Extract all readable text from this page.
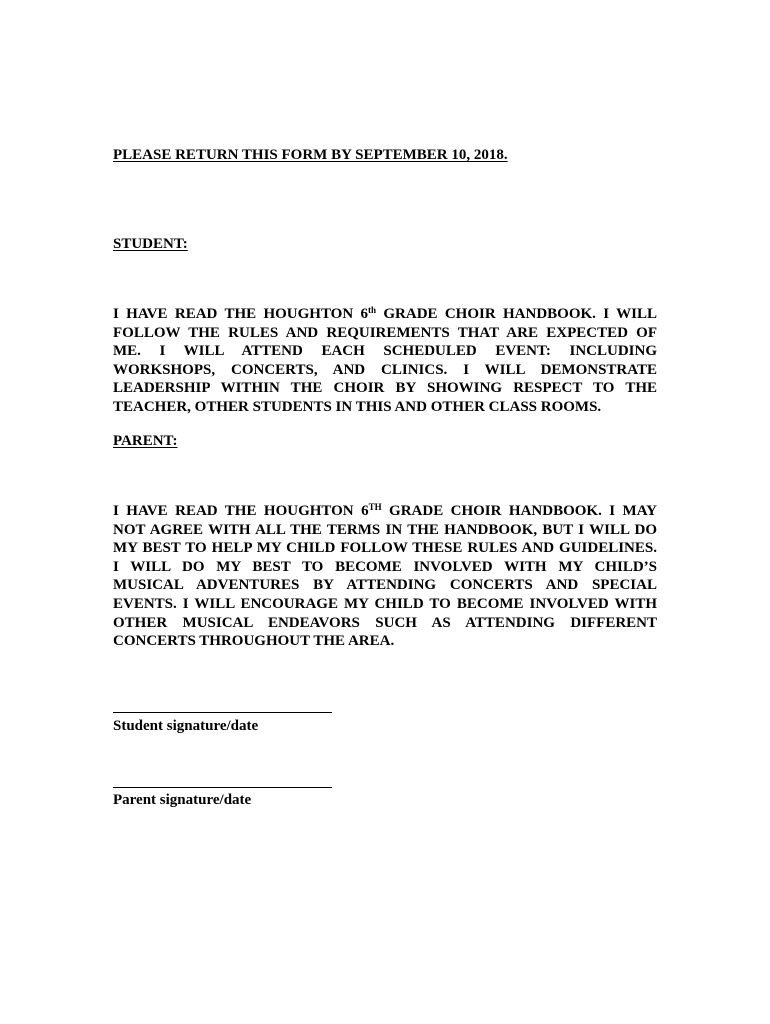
PLEASE RETURN THIS FORM BY SEPTEMBER 10, 2018.

STUDENT:

I HAVE READ THE HOUGHTON 6th GRADE CHOIR HANDBOOK. I WILL
FOLLOW THE RULES AND REQUIREMENTS THAT ARE EXPECTED OF
ME. I WILL ATTEND EACH SCHEDULED EVENT: INCLUDING
WORKSHOPS, CONCERTS, AND CLINICS. I WILL DEMONSTRATE
LEADERSHIP WITHIN THE CHOIR BY SHOWING RESPECT TO THE
TEACHER, OTHER STUDENTS IN THIS AND OTHER CLASS ROOMS.

PARENT:

I HAVE READ THE HOUGHTON 6TH GRADE CHOIR HANDBOOK. I MAY
NOT AGREE WITH ALL THE TERMS IN THE HANDBOOK, BUT I WILL DO
MY BEST TO HELP MY CHILD FOLLOW THESE RULES AND GUIDELINES.
I WILL DO MY BEST TO BECOME INVOLVED WITH MY CHILD’S
MUSICAL ADVENTURES BY ATTENDING CONCERTS AND SPECIAL
EVENTS. I WILL ENCOURAGE MY CHILD TO BECOME INVOLVED WITH
OTHER MUSICAL ENDEAVORS SUCH AS ATTENDING DIFFERENT
CONCERTS THROUGHOUT THE AREA.

Student signature/date

Parent signature/date
